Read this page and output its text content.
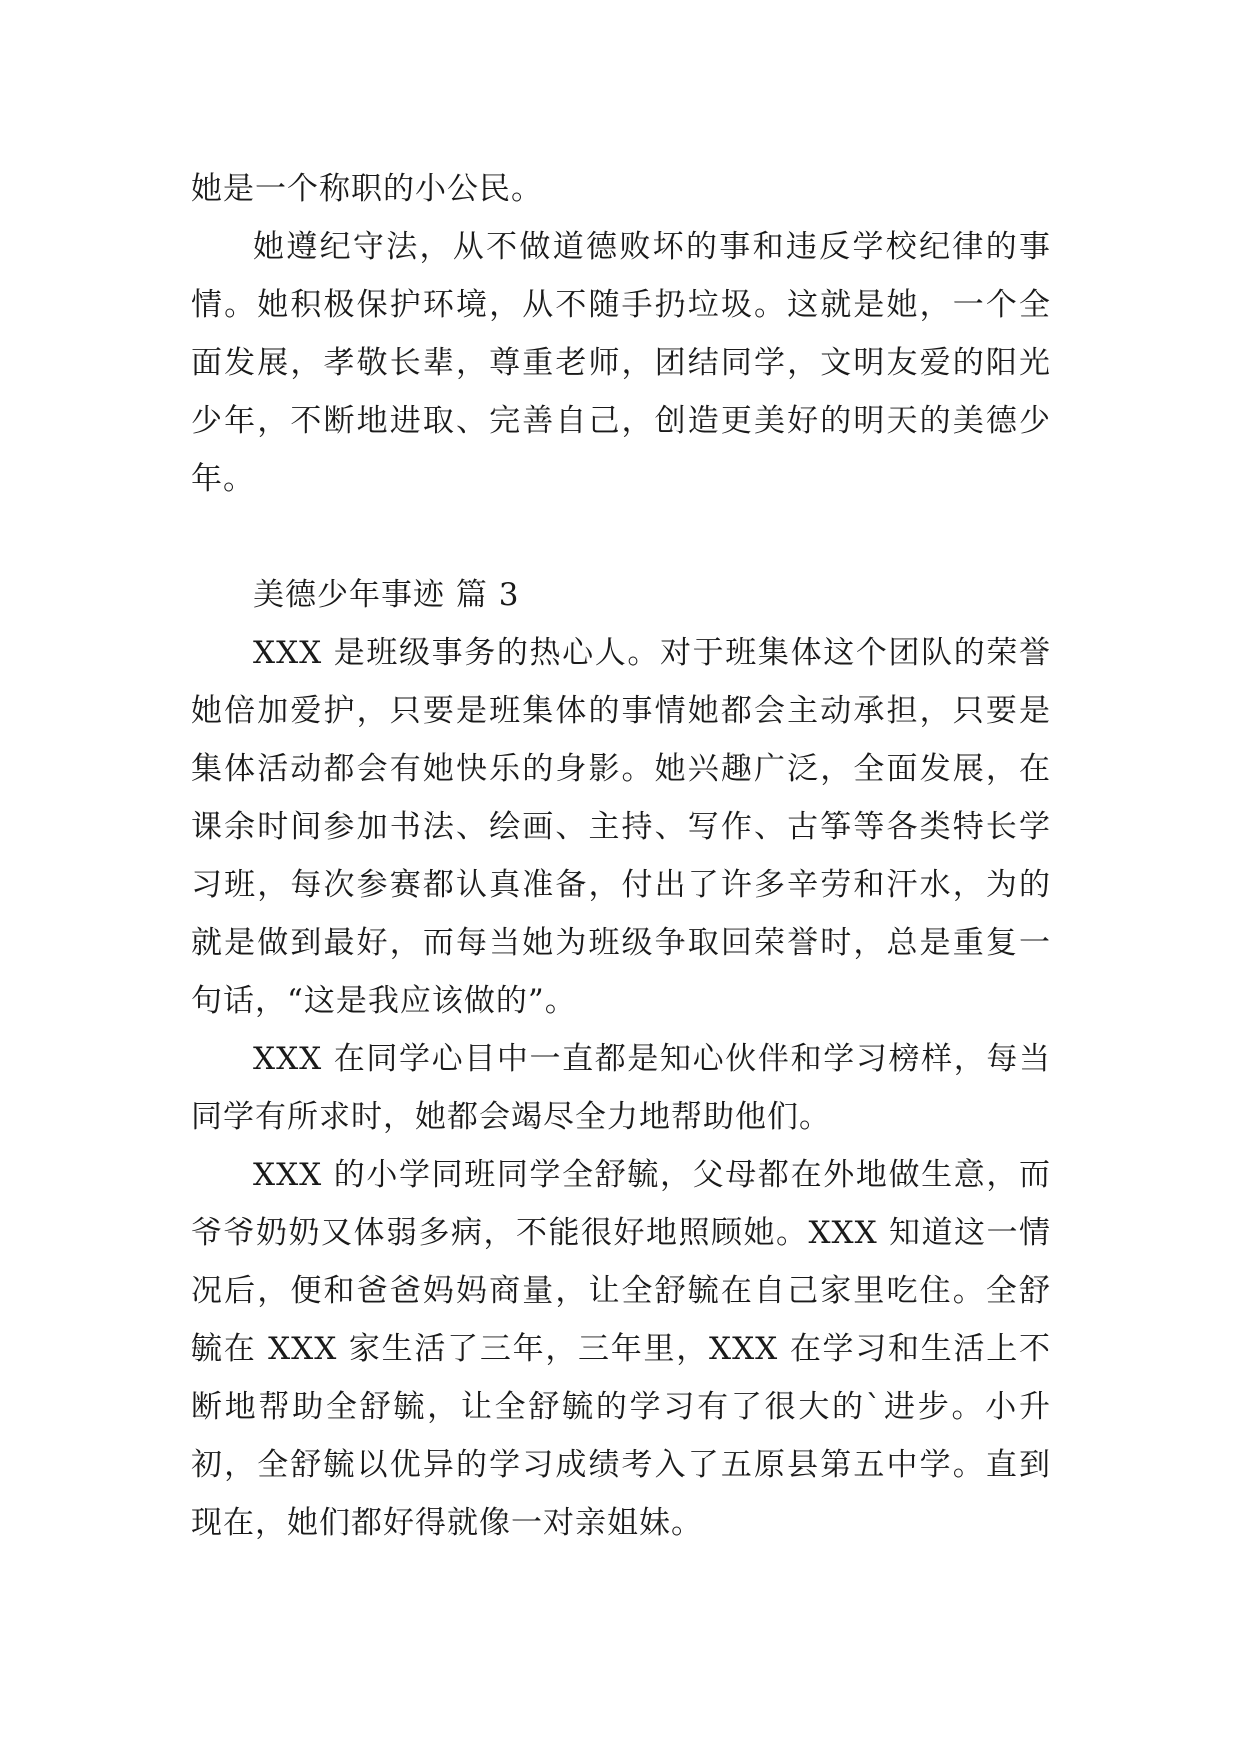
她是一个称职的小公民。

她遵纪守法，从不做道德败坏的事和违反学校纪律的事情。她积极保护环境，从不随手扔垃圾。这就是她，一个全面发展，孝敬长辈，尊重老师，团结同学，文明友爱的阳光少年，不断地进取、完善自己，创造更美好的明天的美德少年。

美德少年事迹 篇 3

XXX 是班级事务的热心人。对于班集体这个团队的荣誉她倍加爱护，只要是班集体的事情她都会主动承担，只要是集体活动都会有她快乐的身影。她兴趣广泛，全面发展，在课余时间参加书法、绘画、主持、写作、古筝等各类特长学习班，每次参赛都认真准备，付出了许多辛劳和汗水，为的就是做到最好，而每当她为班级争取回荣誉时，总是重复一句话，“这是我应该做的”。

XXX 在同学心目中一直都是知心伙伴和学习榜样，每当同学有所求时，她都会竭尽全力地帮助他们。

XXX 的小学同班同学全舒毓，父母都在外地做生意，而爷爷奶奶又体弱多病，不能很好地照顾她。XXX 知道这一情况后，便和爸爸妈妈商量，让全舒毓在自己家里吃住。全舒毓在 XXX 家生活了三年，三年里，XXX 在学习和生活上不断地帮助全舒毓，让全舒毓的学习有了很大的`进步。小升初，全舒毓以优异的学习成绩考入了五原县第五中学。直到现在，她们都好得就像一对亲姐妹。
